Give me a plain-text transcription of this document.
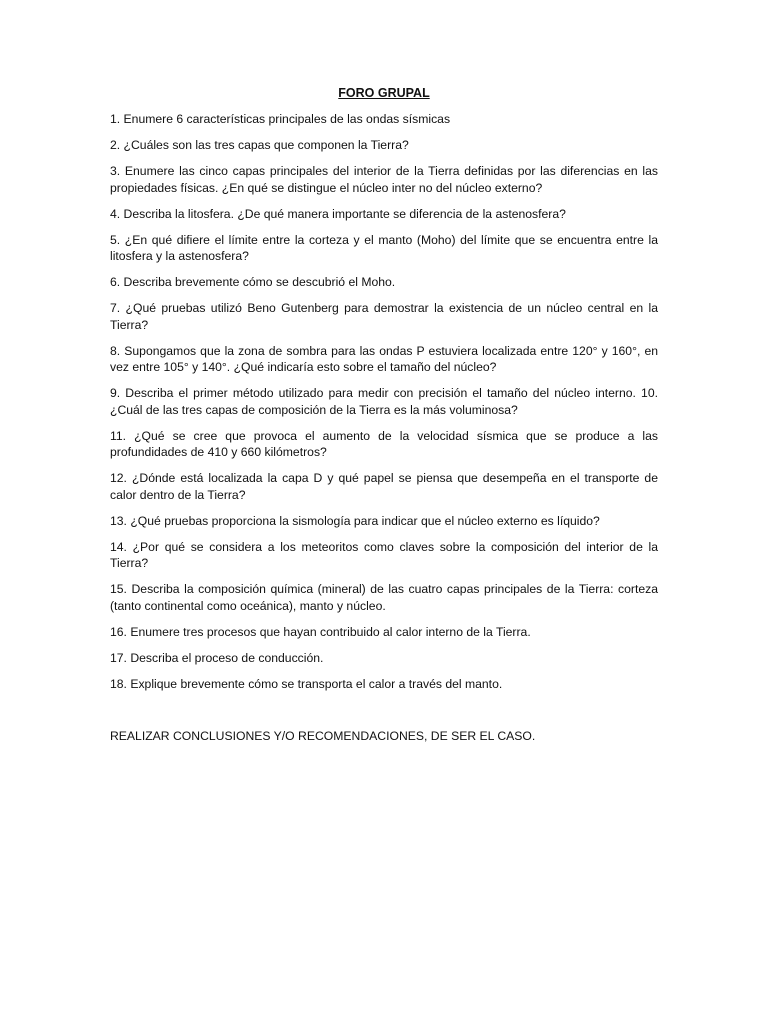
FORO GRUPAL

1. Enumere 6 características principales de las ondas sísmicas

2. ¿Cuáles son las tres capas que componen la Tierra?

3. Enumere las cinco capas principales del interior de la Tierra definidas por las diferencias en las propiedades físicas. ¿En qué se distingue el núcleo inter no del núcleo externo?

4. Describa la litosfera. ¿De qué manera importante se diferencia de la astenosfera?

5. ¿En qué difiere el límite entre la corteza y el manto (Moho) del límite que se encuentra entre la litosfera y la astenosfera?

6. Describa brevemente cómo se descubrió el Moho.

7. ¿Qué pruebas utilizó Beno Gutenberg para demostrar la existencia de un núcleo central en la Tierra?

8. Supongamos que la zona de sombra para las ondas P estuviera localizada entre 120° y 160°, en vez entre 105° y 140°. ¿Qué indicaría esto sobre el tamaño del núcleo?

9. Describa el primer método utilizado para medir con precisión el tamaño del núcleo interno. 10. ¿Cuál de las tres capas de composición de la Tierra es la más voluminosa?

11. ¿Qué se cree que provoca el aumento de la velocidad sísmica que se produce a las profundidades de 410 y 660 kilómetros?

12. ¿Dónde está localizada la capa D y qué papel se piensa que desempeña en el transporte de calor dentro de la Tierra?

13. ¿Qué pruebas proporciona la sismología para indicar que el núcleo externo es líquido?

14. ¿Por qué se considera a los meteoritos como claves sobre la composición del interior de la Tierra?

15. Describa la composición química (mineral) de las cuatro capas principales de la Tierra: corteza (tanto continental como oceánica), manto y núcleo.

16. Enumere tres procesos que hayan contribuido al calor interno de la Tierra.

17. Describa el proceso de conducción.

18. Explique brevemente cómo se transporta el calor a través del manto.

REALIZAR CONCLUSIONES Y/O RECOMENDACIONES, DE SER EL CASO.
